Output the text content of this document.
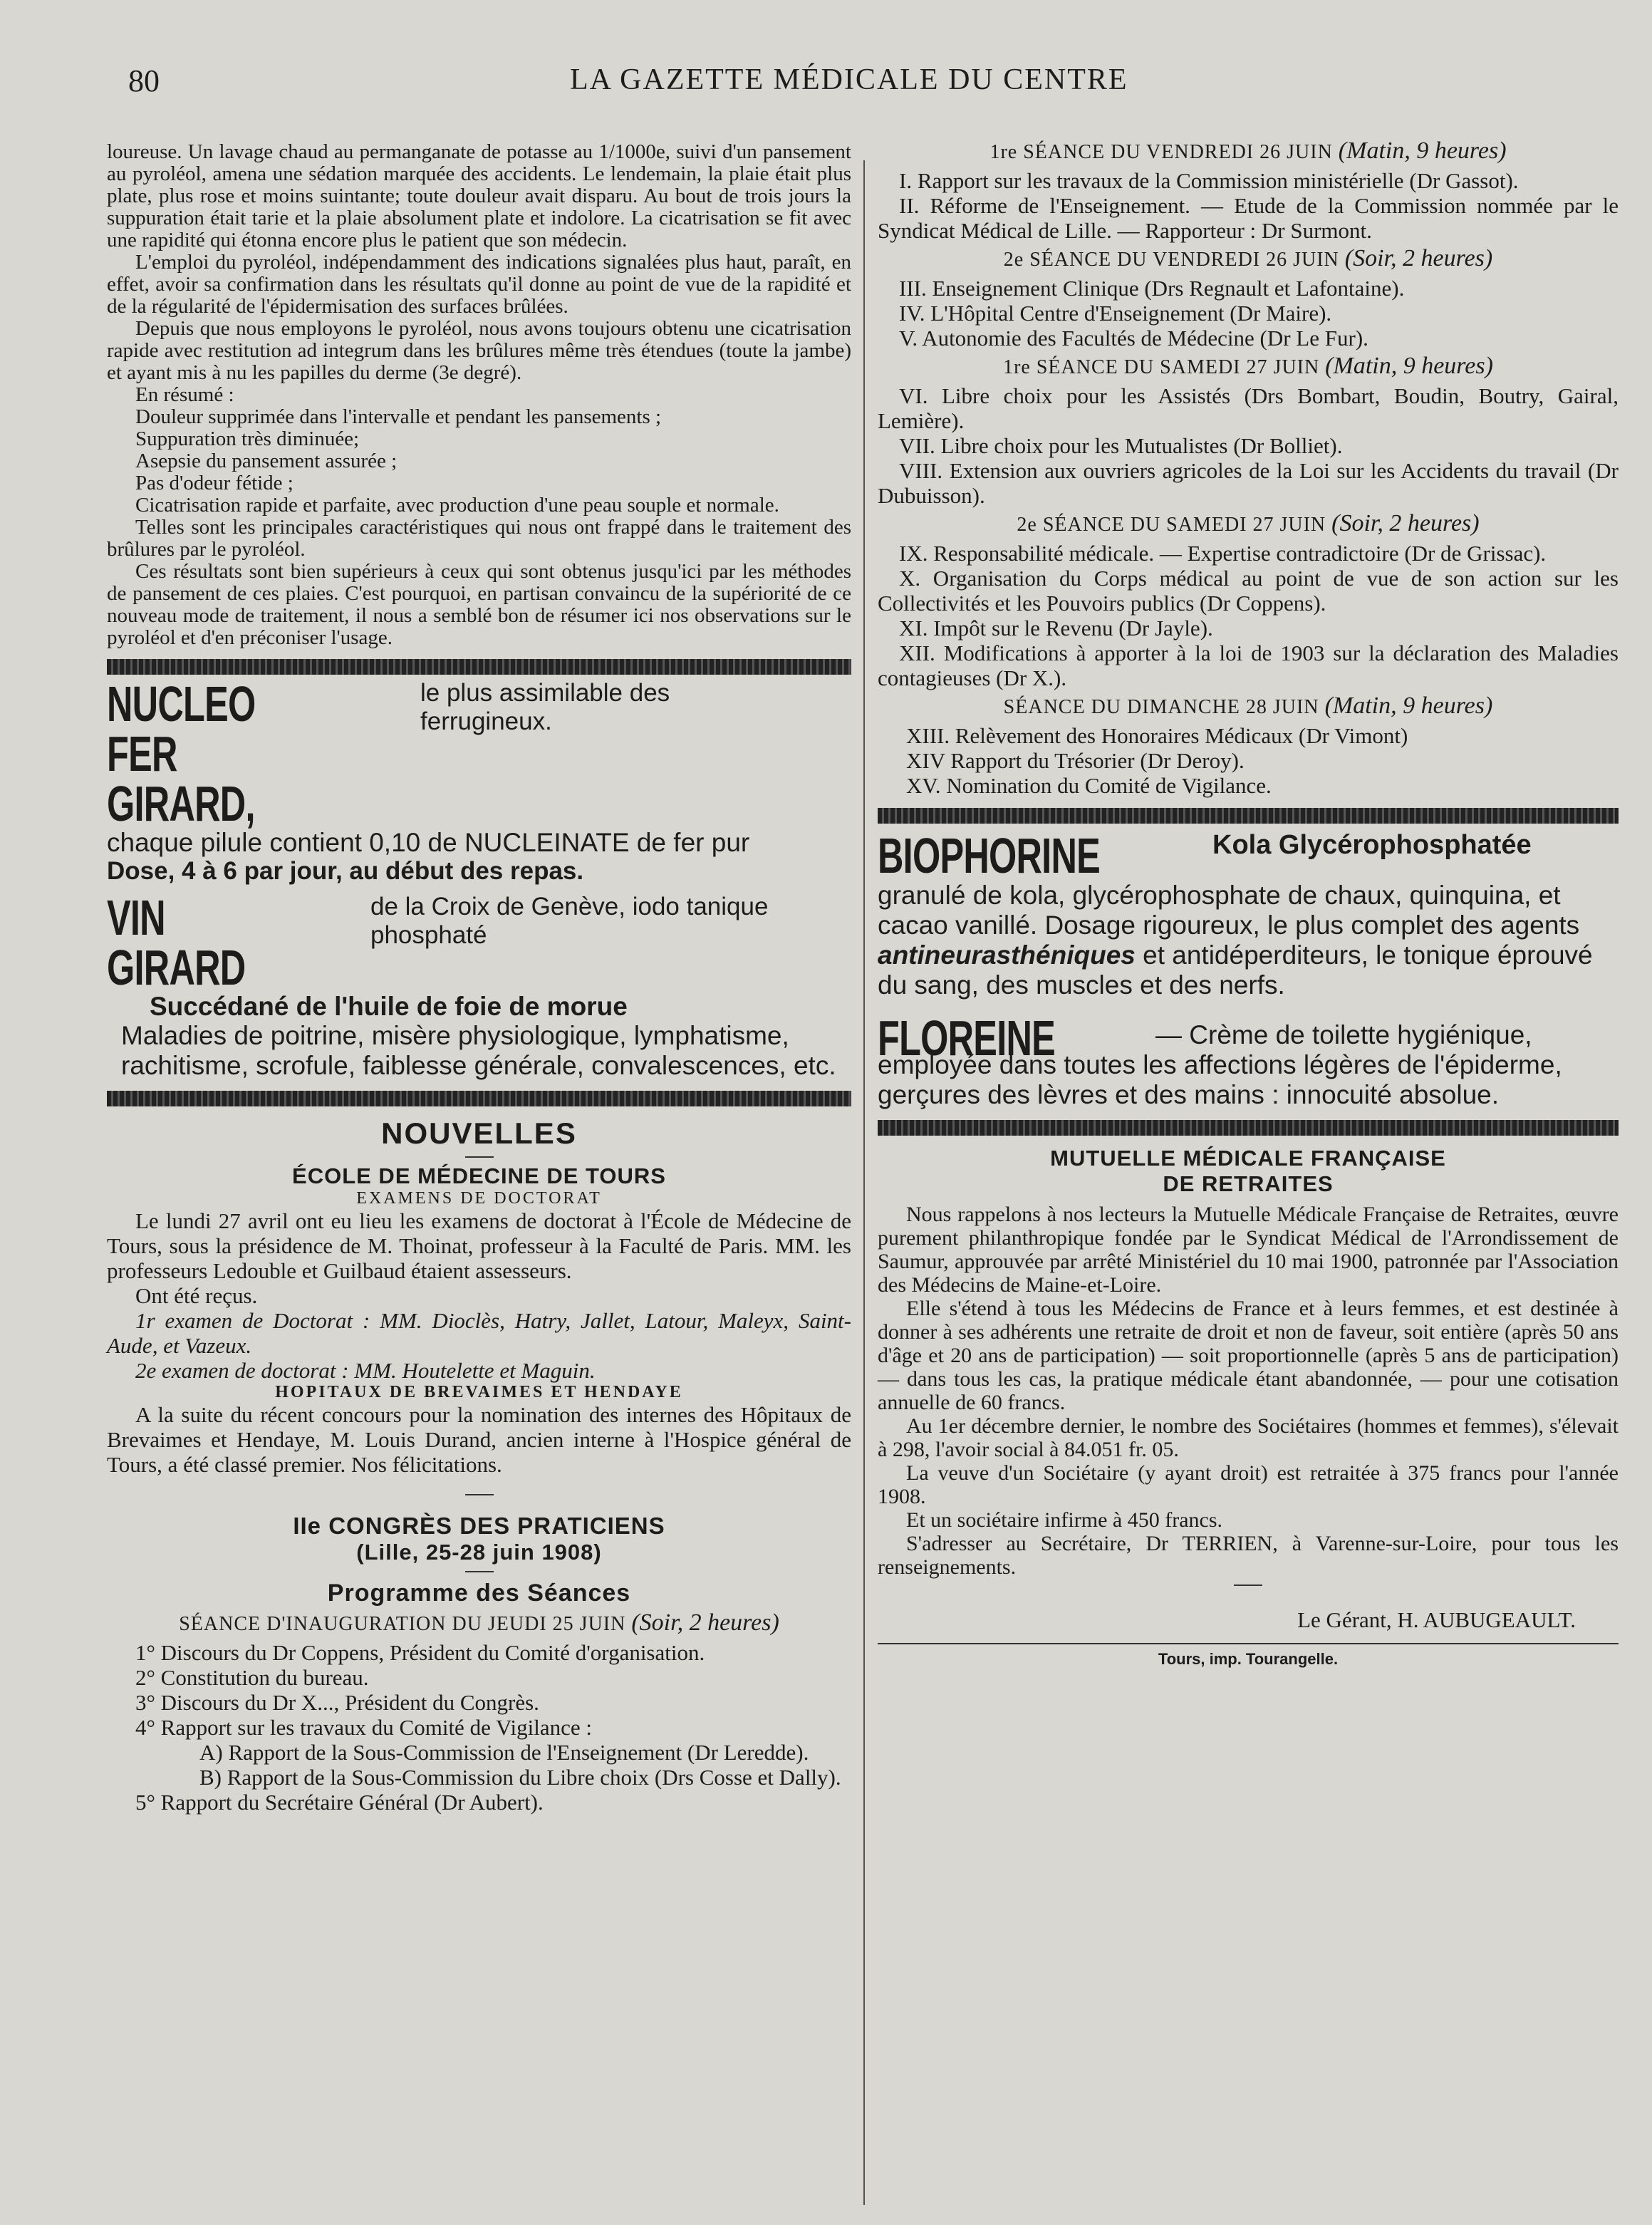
80	LA GAZETTE MÉDICALE DU CENTRE

loureuse. Un lavage chaud au permanganate de potasse au 1/1000e, suivi d'un pansement au pyroléol, amena une sédation marquée des accidents. Le lendemain, la plaie était plus plate, plus rose et moins suintante; toute douleur avait disparu. Au bout de trois jours la suppuration était tarie et la plaie absolument plate et indolore. La cicatrisation se fit avec une rapidité qui étonna encore plus le patient que son médecin.

L'emploi du pyroléol, indépendamment des indications signalées plus haut, paraît, en effet, avoir sa confirmation dans les résultats qu'il donne au point de vue de la rapidité et de la régularité de l'épidermisation des surfaces brûlées.

Depuis que nous employons le pyroléol, nous avons toujours obtenu une cicatrisation rapide avec restitution ad integrum dans les brûlures même très étendues (toute la jambe) et ayant mis à nu les papilles du derme (3e degré).

En résumé :

Douleur supprimée dans l'intervalle et pendant les pansements ;

Suppuration très diminuée;

Asepsie du pansement assurée ;

Pas d'odeur fétide ;

Cicatrisation rapide et parfaite, avec production d'une peau souple et normale.

Telles sont les principales caractéristiques qui nous ont frappé dans le traitement des brûlures par le pyroléol.

Ces résultats sont bien supérieurs à ceux qui sont obtenus jusqu'ici par les méthodes de pansement de ces plaies. C'est pourquoi, en partisan convaincu de la supériorité de ce nouveau mode de traitement, il nous a semblé bon de résumer ici nos observations sur le pyroléol et d'en préconiser l'usage.

NUCLEO FER GIRARD,
le plus assimilable des ferrugineux.

chaque pilule contient 0,10 de NUCLEINATE de fer pur

Dose, 4 à 6 par jour, au début des repas.

VIN GIRARD
de la Croix de Genève, iodo tanique phosphaté

Succédané de l'huile de foie de morue

Maladies de poitrine, misère physiologique, lymphatisme, rachitisme, scrofule, faiblesse générale, convalescences, etc.

NOUVELLES
ÉCOLE DE MÉDECINE DE TOURS
EXAMENS DE DOCTORAT

Le lundi 27 avril ont eu lieu les examens de doctorat à l'École de Médecine de Tours, sous la présidence de M. Thoinat, professeur à la Faculté de Paris. MM. les professeurs Ledouble et Guilbaud étaient assesseurs.

Ont été reçus.

1r examen de Doctorat : MM. Dioclès, Hatry, Jallet, Latour, Maleyx, Saint-Aude, et Vazeux.

2e examen de doctorat : MM. Houtelette et Maguin.

HOPITAUX DE BREVAIMES ET HENDAYE

A la suite du récent concours pour la nomination des internes des Hôpitaux de Brevaimes et Hendaye, M. Louis Durand, ancien interne à l'Hospice général de Tours, a été classé premier. Nos félicitations.

IIe CONGRÈS DES PRATICIENS
(Lille, 25-28 juin 1908)
Programme des Séances
SÉANCE D'INAUGURATION DU JEUDI 25 JUIN (Soir, 2 heures)

1° Discours du Dr Coppens, Président du Comité d'organisation.

2° Constitution du bureau.

3° Discours du Dr X..., Président du Congrès.

4° Rapport sur les travaux du Comité de Vigilance :

A) Rapport de la Sous-Commission de l'Enseignement (Dr Leredde).

B) Rapport de la Sous-Commission du Libre choix (Drs Cosse et Dally).

5° Rapport du Secrétaire Général (Dr Aubert).

1re SÉANCE DU VENDREDI 26 JUIN (Matin, 9 heures)

I. Rapport sur les travaux de la Commission ministérielle (Dr Gassot).

II. Réforme de l'Enseignement. — Etude de la Commission nommée par le Syndicat Médical de Lille. — Rapporteur : Dr Surmont.

2e SÉANCE DU VENDREDI 26 JUIN (Soir, 2 heures)

III. Enseignement Clinique (Drs Regnault et Lafontaine).

IV. L'Hôpital Centre d'Enseignement (Dr Maire).

V. Autonomie des Facultés de Médecine (Dr Le Fur).

1re SÉANCE DU SAMEDI 27 JUIN (Matin, 9 heures)

VI. Libre choix pour les Assistés (Drs Bombart, Boudin, Boutry, Gairal, Lemière).

VII. Libre choix pour les Mutualistes (Dr Bolliet).

VIII. Extension aux ouvriers agricoles de la Loi sur les Accidents du travail (Dr Dubuisson).

2e SÉANCE DU SAMEDI 27 JUIN (Soir, 2 heures)

IX. Responsabilité médicale. — Expertise contradictoire (Dr de Grissac).

X. Organisation du Corps médical au point de vue de son action sur les Collectivités et les Pouvoirs publics (Dr Coppens).

XI. Impôt sur le Revenu (Dr Jayle).

XII. Modifications à apporter à la loi de 1903 sur la déclaration des Maladies contagieuses (Dr X.).

SÉANCE DU DIMANCHE 28 JUIN (Matin, 9 heures)

XIII. Relèvement des Honoraires Médicaux (Dr Vimont)

XIV Rapport du Trésorier (Dr Deroy).

XV. Nomination du Comité de Vigilance.

BIOPHORINE	Kola Glycérophosphatée

granulé de kola, glycérophosphate de chaux, quinquina, et cacao vanillé. Dosage rigoureux, le plus complet des agents antineurasthéniques et antidéperditeurs, le tonique éprouvé du sang, des muscles et des nerfs.

FLOREINE	— Crème de toilette hygiénique, employée dans toutes les affections légères de l'épiderme, gerçures des lèvres et des mains : innocuité absolue.

MUTUELLE MÉDICALE FRANÇAISE
DE RETRAITES

Nous rappelons à nos lecteurs la Mutuelle Médicale Française de Retraites, œuvre purement philanthropique fondée par le Syndicat Médical de l'Arrondissement de Saumur, approuvée par arrêté Ministériel du 10 mai 1900, patronnée par l'Association des Médecins de Maine-et-Loire.

Elle s'étend à tous les Médecins de France et à leurs femmes, et est destinée à donner à ses adhérents une retraite de droit et non de faveur, soit entière (après 50 ans d'âge et 20 ans de participation) — soit proportionnelle (après 5 ans de participation) — dans tous les cas, la pratique médicale étant abandonnée, — pour une cotisation annuelle de 60 francs.

Au 1er décembre dernier, le nombre des Sociétaires (hommes et femmes), s'élevait à 298, l'avoir social à 84.051 fr. 05.

La veuve d'un Sociétaire (y ayant droit) est retraitée à 375 francs pour l'année 1908.

Et un sociétaire infirme à 450 francs.

S'adresser au Secrétaire, Dr TERRIEN, à Varenne-sur-Loire, pour tous les renseignements.

Le Gérant, H. AUBUGEAULT.
Tours, imp. Tourangelle.
